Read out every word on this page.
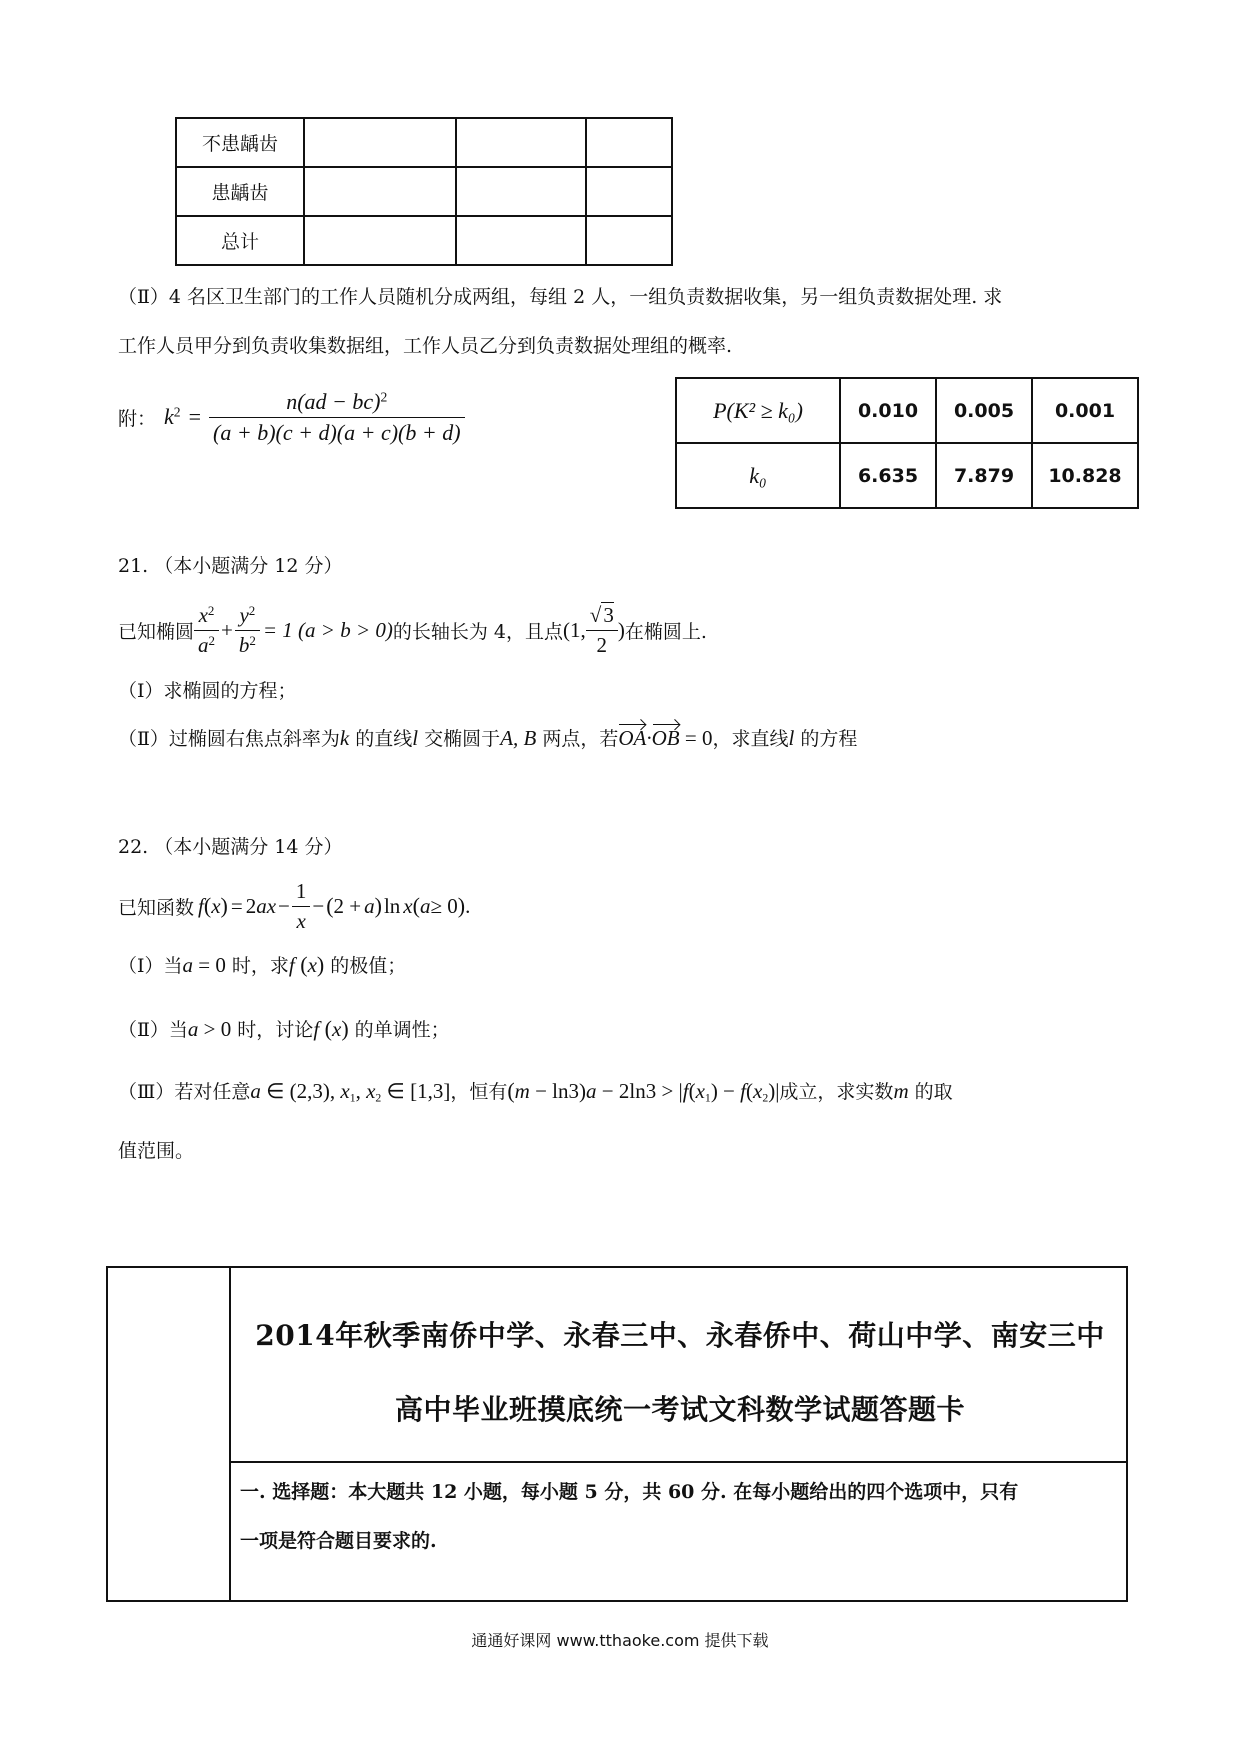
不患龋齿			
患龋齿			
总计			
（Ⅱ）4 名区卫生部门的工作人员随机分成两组，每组 2 人，一组负责数据收集，另一组负责数据处理. 求
工作人员甲分到负责收集数据组，工作人员乙分到负责数据处理组的概率.
附： $k^2 = \frac{n(ad - bc)^2}{(a + b)(c + d)(a + c)(b + d)}$	P(K² ≥ k₀)	0.010	0.005	0.001
k₀	6.635	7.879	10.828
21. （本小题满分 12 分）
已知椭圆 $\frac{x^2}{a^2} + \frac{y^2}{b^2} = 1$ (a > b > 0) 的长轴长为 4，且点 (1, $\frac{√3}{2}$ ) 在椭圆上.
（Ⅰ）求椭圆的方程；
（Ⅱ）过椭圆右焦点斜率为k 的直线l 交椭圆于A, B 两点，若OA·OB = 0，求直线l 的方程
22. （本小题满分 14 分）
已知函数 f ( x ) = 2 ax − $\frac{1}{x}$ − ( 2 + a ) ln x ( a ≥ 0 ) .
（Ⅰ）当a = 0 时，求f (x) 的极值；
（Ⅱ）当a > 0 时，讨论f (x) 的单调性；
（Ⅲ）若对任意a ∈ (2,3), $x_1$, $x_2$ ∈ [1,3]，恒有$(m - \ln 3)a - 2\ln 3 > |f(x_1) - f(x_2)|$成立，求实数m 的取
值范围。
2014年秋季南侨中学、永春三中、永春侨中、荷山中学、南安三中
高中毕业班摸底统一考试文科数学试题答题卡
一. 选择题：本大题共 12 小题，每小题 5 分，共 60 分. 在每小题给出的四个选项中，只有
一项是符合题目要求的.
通通好课网 www.tthaoke.com 提供下载
